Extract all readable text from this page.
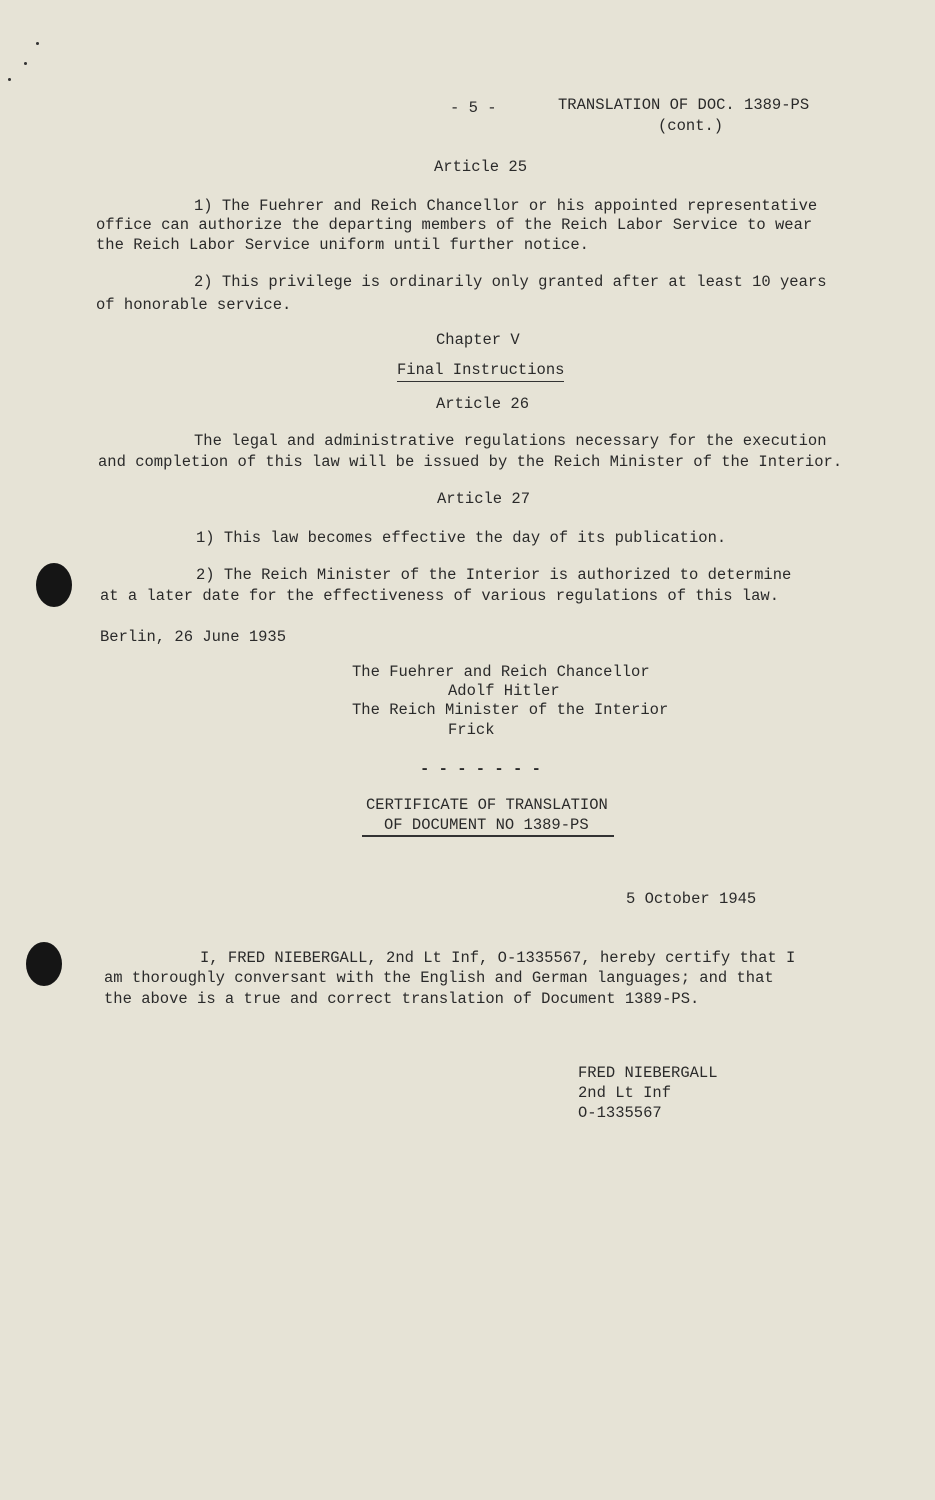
- 5 -	TRANSLATION OF DOC. 1389-PS
(cont.)
Article 25
1) The Fuehrer and Reich Chancellor or his appointed representative
office can authorize the departing members of the Reich Labor Service to wear
the Reich Labor Service uniform until further notice.
2) This privilege is ordinarily only granted after at least 10 years
of honorable service.
Chapter V
Final Instructions
Article 26
The legal and administrative regulations necessary for the execution
and completion of this law will be issued by the Reich Minister of the Interior.
Article 27
1) This law becomes effective the day of its publication.
2) The Reich Minister of the Interior is authorized to determine
at a later date for the effectiveness of various regulations of this law.
Berlin, 26 June 1935
The Fuehrer and Reich Chancellor
Adolf Hitler
The Reich Minister of the Interior
Frick
- - - - - - -
CERTIFICATE OF TRANSLATION
OF DOCUMENT NO 1389-PS
5 October 1945
I, FRED NIEBERGALL, 2nd Lt Inf, O-1335567, hereby certify that I
am thoroughly conversant with the English and German languages; and that
the above is a true and correct translation of Document 1389-PS.
FRED NIEBERGALL
2nd Lt Inf
O-1335567
